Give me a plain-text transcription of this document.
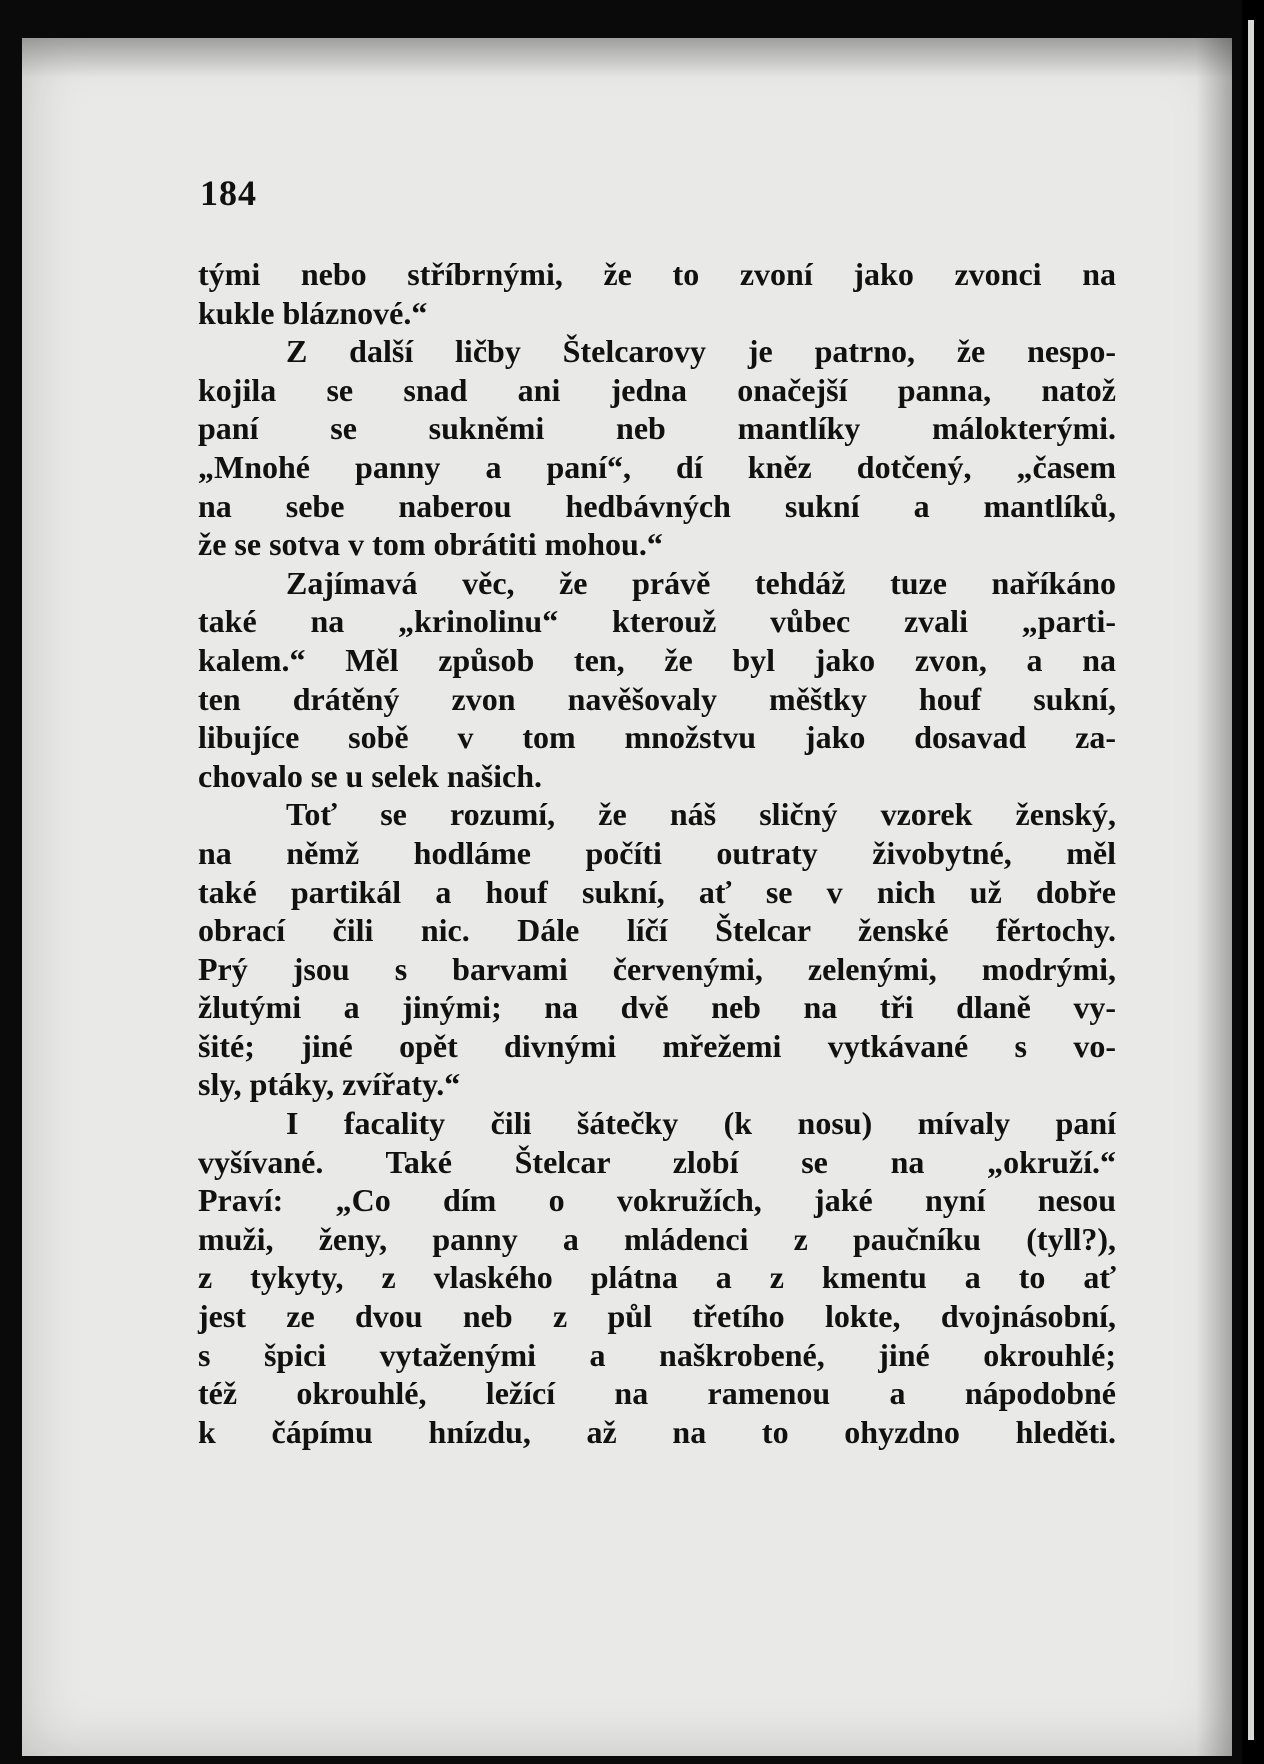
184
tými nebo stříbrnými, že to zvoní jako zvonci na
kukle bláznové.“
Z další ličby Štelcarovy je patrno, že nespo-
kojila se snad ani jedna onačejší panna, natož
paní se sukněmi neb mantlíky málokterými.
„Mnohé panny a paní“, dí kněz dotčený, „časem
na sebe naberou hedbávných sukní a mantlíků,
že se sotva v tom obrátiti mohou.“
Zajímavá věc, že právě tehdáž tuze naříkáno
také na „krinolinu“ kterouž vůbec zvali „parti-
kalem.“ Měl způsob ten, že byl jako zvon, a na
ten drátěný zvon navěšovaly měštky houf sukní,
libujíce sobě v tom množstvu jako dosavad za-
chovalo se u selek našich.
Toť se rozumí, že náš sličný vzorek ženský,
na němž hodláme počíti outraty živobytné, měl
také partikál a houf sukní, ať se v nich už dobře
obrací čili nic. Dále líčí Štelcar ženské fěrtochy.
Prý jsou s barvami červenými, zelenými, modrými,
žlutými a jinými; na dvě neb na tři dlaně vy-
šité; jiné opět divnými mřežemi vytkávané s vo-
sly, ptáky, zvířaty.“
I facality čili šátečky (k nosu) mívaly paní
vyšívané. Také Štelcar zlobí se na „okruží.“
Praví: „Co dím o vokružích, jaké nyní nesou
muži, ženy, panny a mládenci z paučníku (tyll?),
z tykyty, z vlaského plátna a z kmentu a to ať
jest ze dvou neb z půl třetího lokte, dvojnásobní,
s špici vytaženými a naškrobené, jiné okrouhlé;
též okrouhlé, ležící na ramenou a nápodobné
k čápímu hnízdu, až na to ohyzdno hleděti.
